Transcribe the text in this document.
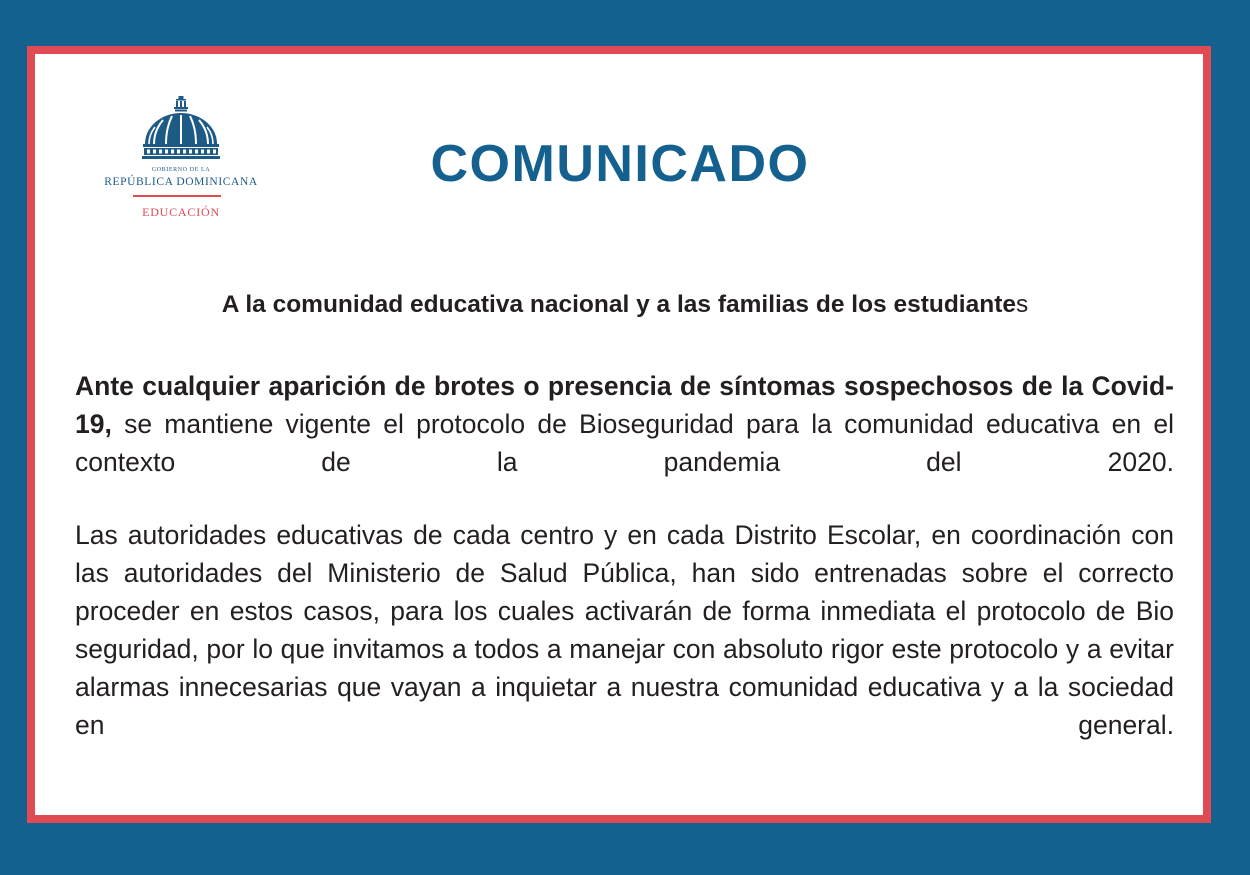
GOBIERNO DE LA
REPÚBLICA DOMINICANA
EDUCACIÓN
COMUNICADO
A la comunidad educativa nacional y a las familias de los estudiantes
Ante cualquier aparición de brotes o presencia de síntomas sospechosos de la Covid-19, se mantiene vigente el protocolo de Bioseguridad para la comunidad educativa en el contexto de la pandemia del 2020.
Las autoridades educativas de cada centro y en cada Distrito Escolar, en coordinación con las autoridades del Ministerio de Salud Pública, han sido entrenadas sobre el correcto proceder en estos casos, para los cuales activarán de forma inmediata el protocolo de Bio seguridad, por lo que invitamos a todos a manejar con absoluto rigor este protocolo y a evitar alarmas innecesarias que vayan a inquietar a nuestra comunidad educativa y a la sociedad en general.
